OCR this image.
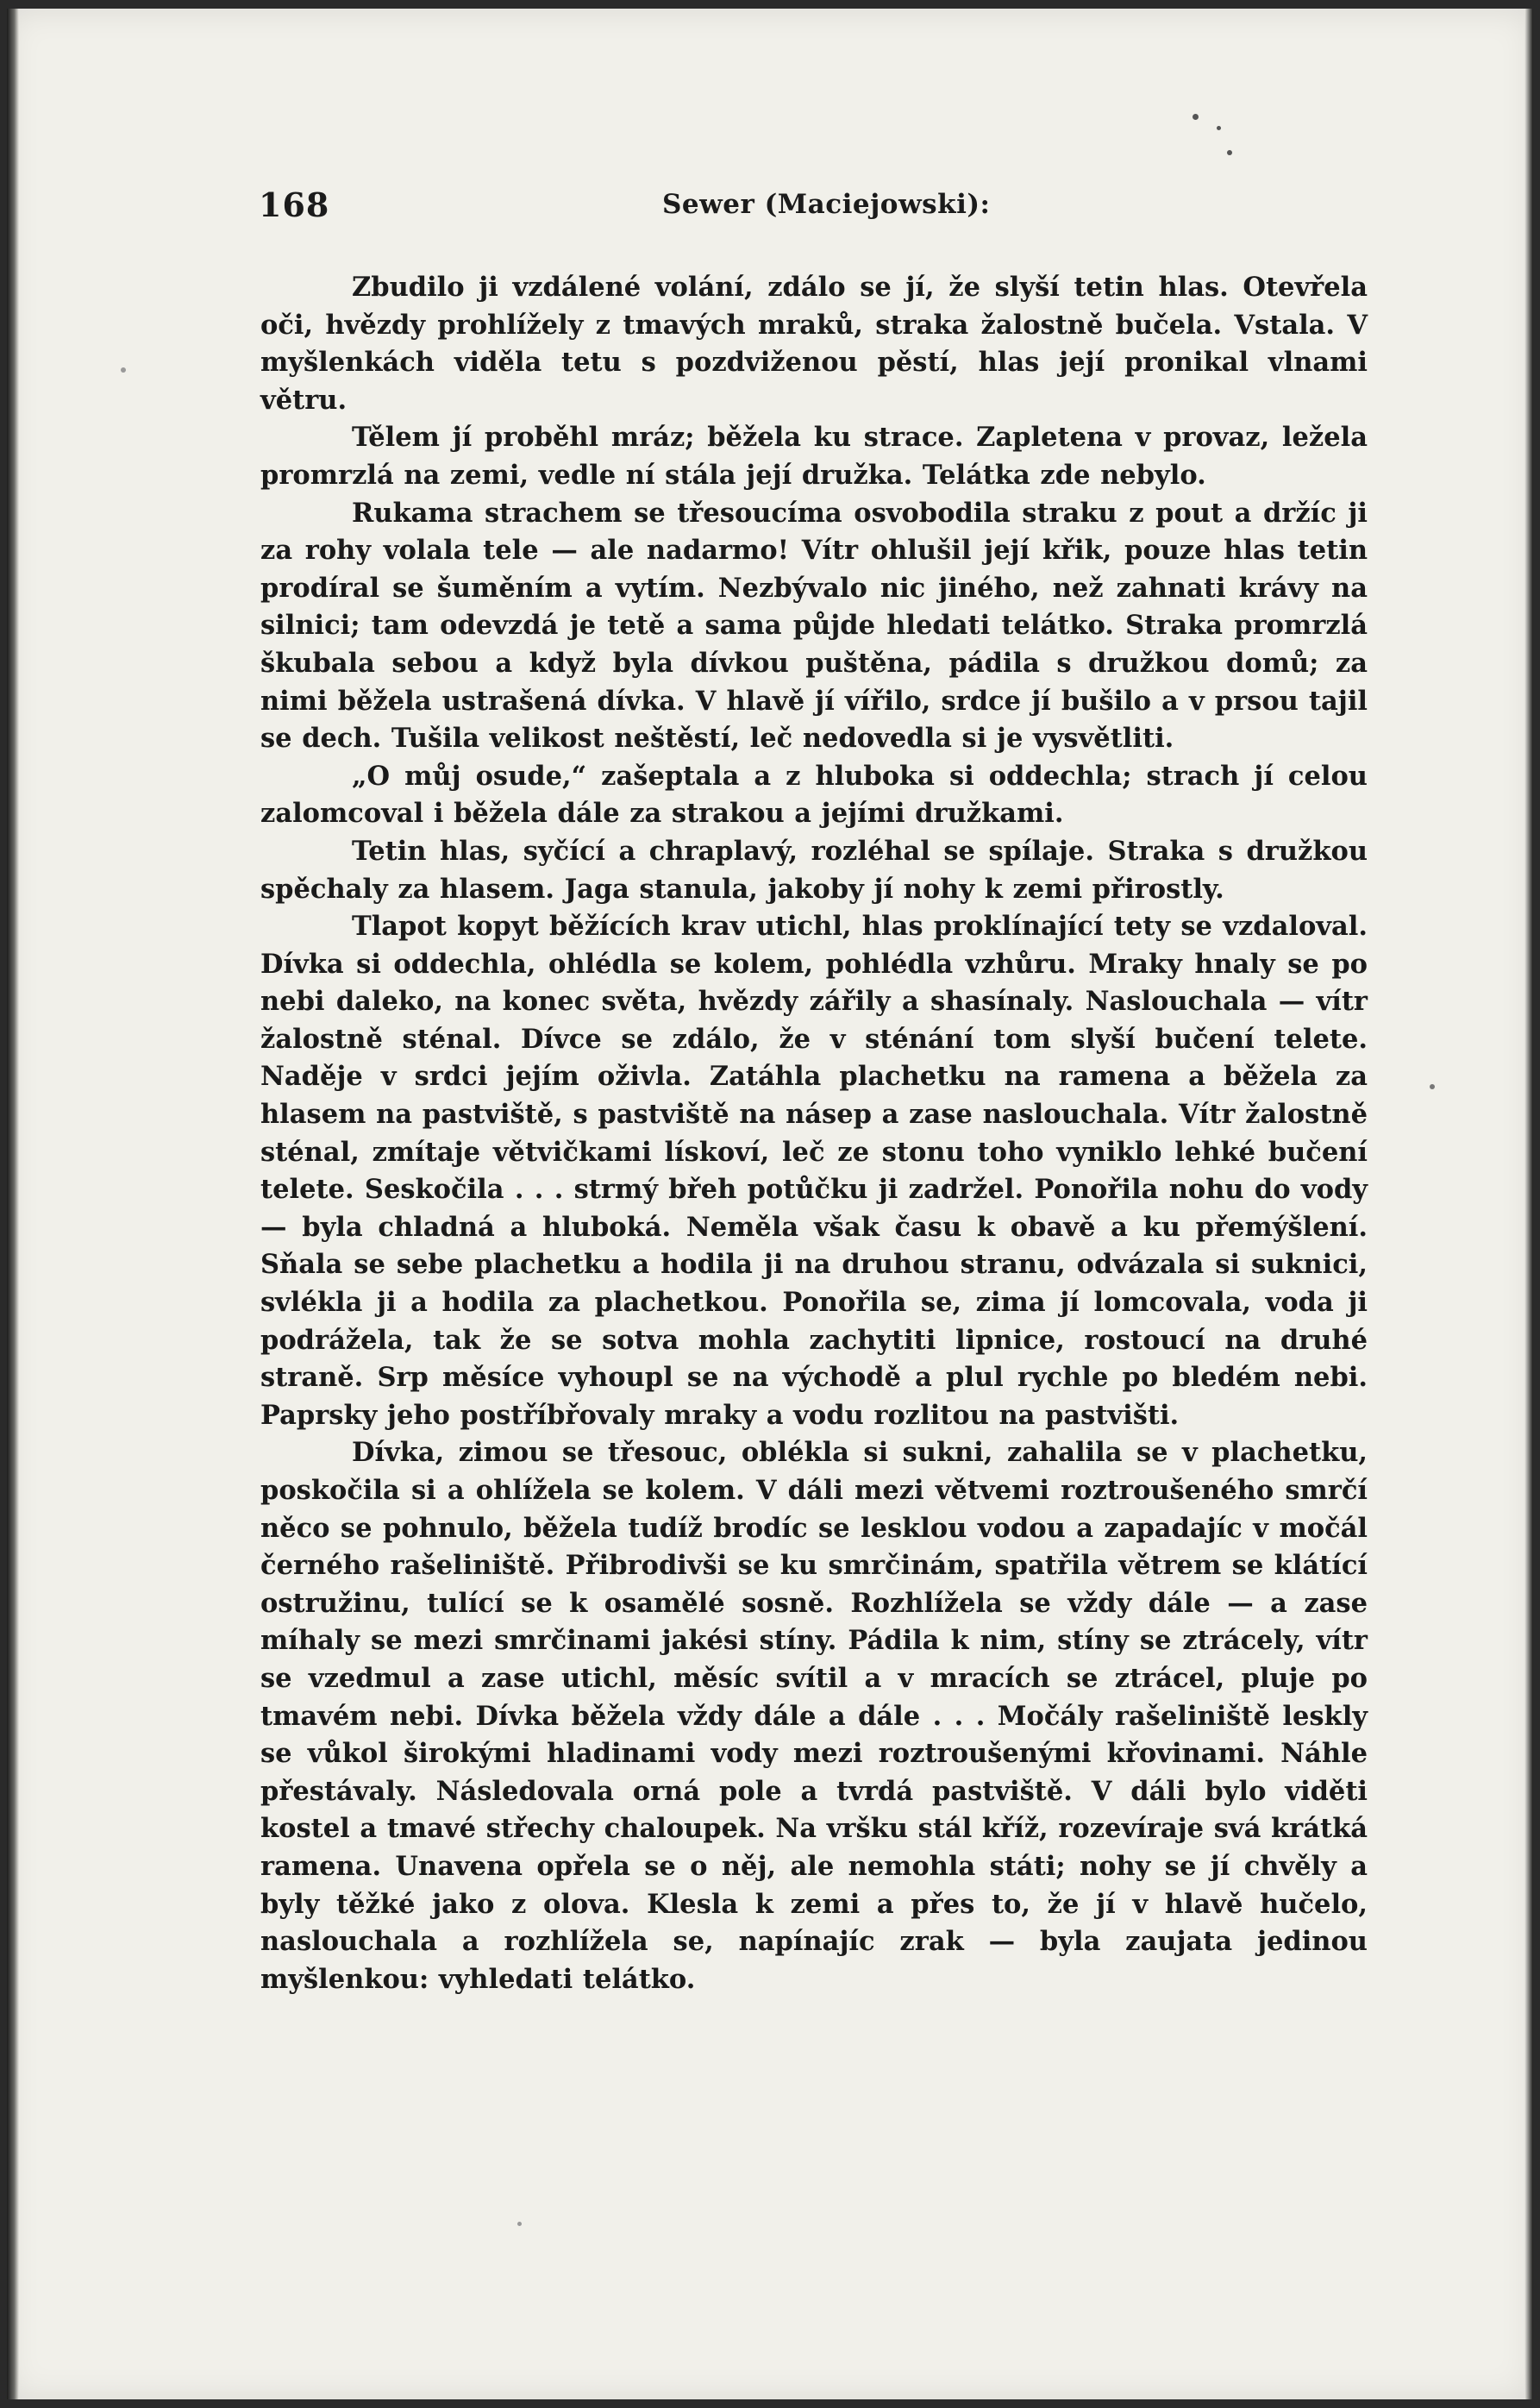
168	Sewer (Maciejowski):

Zbudilo ji vzdálené volání, zdálo se jí, že slyší tetin hlas. Otevřela oči, hvězdy prohlížely z tmavých mraků, straka žalostně bučela. Vstala. V myšlenkách viděla tetu s pozdviženou pěstí, hlas její pronikal vlnami větru.

Tělem jí proběhl mráz; běžela ku strace. Zapletena v provaz, ležela promrzlá na zemi, vedle ní stála její družka. Telátka zde nebylo.

Rukama strachem se třesoucíma osvobodila straku z pout a držíc ji za rohy volala tele — ale nadarmo! Vítr ohlušil její křik, pouze hlas tetin prodíral se šuměním a vytím. Nezbývalo nic jiného, než zahnati krávy na silnici; tam odevzdá je tetě a sama půjde hledati telátko. Straka promrzlá škubala sebou a když byla dívkou puštěna, pádila s družkou domů; za nimi běžela ustrašená dívka. V hlavě jí vířilo, srdce jí bušilo a v prsou tajil se dech. Tušila velikost neštěstí, leč nedovedla si je vysvětliti.

„O můj osude,“ zašeptala a z hluboka si oddechla; strach jí celou zalomcoval i běžela dále za strakou a jejími družkami.

Tetin hlas, syčící a chraplavý, rozléhal se spílaje. Straka s družkou spěchaly za hlasem. Jaga stanula, jakoby jí nohy k zemi přirostly.

Tlapot kopyt běžících krav utichl, hlas proklínající tety se vzdaloval. Dívka si oddechla, ohlédla se kolem, pohlédla vzhůru. Mraky hnaly se po nebi daleko, na konec světa, hvězdy zářily a shasínaly. Naslouchala — vítr žalostně sténal. Dívce se zdálo, že v sténání tom slyší bučení telete. Naděje v srdci jejím oživla. Zatáhla plachetku na ramena a běžela za hlasem na pastviště, s pastviště na násep a zase naslouchala. Vítr žalostně sténal, zmítaje větvičkami lískoví, leč ze stonu toho vyniklo lehké bučení telete. Seskočila . . . strmý břeh potůčku ji zadržel. Ponořila nohu do vody — byla chladná a hluboká. Neměla však času k obavě a ku přemýšlení. Sňala se sebe plachetku a hodila ji na druhou stranu, odvázala si suknici, svlékla ji a hodila za plachetkou. Ponořila se, zima jí lomcovala, voda ji podrážela, tak že se sotva mohla zachytiti lipnice, rostoucí na druhé straně. Srp měsíce vyhoupl se na východě a plul rychle po bledém nebi. Paprsky jeho postříbřovaly mraky a vodu rozlitou na pastvišti.

Dívka, zimou se třesouc, oblékla si sukni, zahalila se v plachetku, poskočila si a ohlížela se kolem. V dáli mezi větvemi roztroušeného smrčí něco se pohnulo, běžela tudíž brodíc se lesklou vodou a zapadajíc v močál černého rašeliniště. Přibrodivši se ku smrčinám, spatřila větrem se klátící ostružinu, tulící se k osamělé sosně. Rozhlížela se vždy dále — a zase míhaly se mezi smrčinami jakési stíny. Pádila k nim, stíny se ztrácely, vítr se vzedmul a zase utichl, měsíc svítil a v mracích se ztrácel, pluje po tmavém nebi. Dívka běžela vždy dále a dále . . . Močály rašeliniště leskly se vůkol širokými hladinami vody mezi roztroušenými křovinami. Náhle přestávaly. Následovala orná pole a tvrdá pastviště. V dáli bylo viděti kostel a tmavé střechy chaloupek. Na vršku stál kříž, rozevíraje svá krátká ramena. Unavena opřela se o něj, ale nemohla státi; nohy se jí chvěly a byly těžké jako z olova. Klesla k zemi a přes to, že jí v hlavě hučelo, naslouchala a rozhlížela se, napínajíc zrak — byla zaujata jedinou myšlenkou: vyhledati telátko.
